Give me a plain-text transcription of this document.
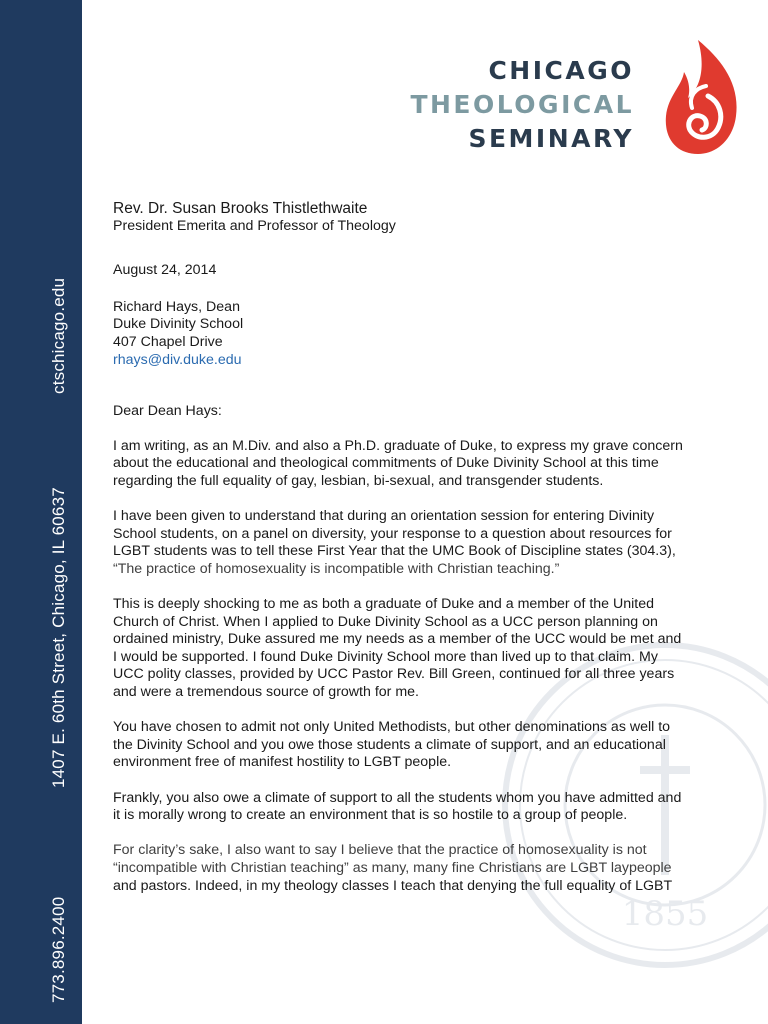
ctschicago.edu
1407 E. 60th Street, Chicago, IL 60637
773.896.2400
CHICAGO
THEOLOGICAL
SEMINARY
1855

Rev. Dr. Susan Brooks Thistlethwaite

President Emerita and Professor of Theology

August 24, 2014

Richard Hays, Dean

Duke Divinity School

407 Chapel Drive

rhays@div.duke.edu

Dear Dean Hays:

I am writing, as an M.Div. and also a Ph.D. graduate of Duke, to express my grave concern

about the educational and theological commitments of Duke Divinity School at this time

regarding the full equality of gay, lesbian, bi-sexual, and transgender students.

I have been given to understand that during an orientation session for entering Divinity

School students, on a panel on diversity, your response to a question about resources for

LGBT students was to tell these First Year that the UMC Book of Discipline states (304.3),

“The practice of homosexuality is incompatible with Christian teaching.”

This is deeply shocking to me as both a graduate of Duke and a member of the United

Church of Christ. When I applied to Duke Divinity School as a UCC person planning on

ordained ministry, Duke assured me my needs as a member of the UCC would be met and

I would be supported. I found Duke Divinity School more than lived up to that claim. My

UCC polity classes, provided by UCC Pastor Rev. Bill Green, continued for all three years

and were a tremendous source of growth for me.

You have chosen to admit not only United Methodists, but other denominations as well to

the Divinity School and you owe those students a climate of support, and an educational

environment free of manifest hostility to LGBT people.

Frankly, you also owe a climate of support to all the students whom you have admitted and

it is morally wrong to create an environment that is so hostile to a group of people.

For clarity’s sake, I also want to say I believe that the practice of homosexuality is not

“incompatible with Christian teaching” as many, many fine Christians are LGBT laypeople

and pastors. Indeed, in my theology classes I teach that denying the full equality of LGBT
